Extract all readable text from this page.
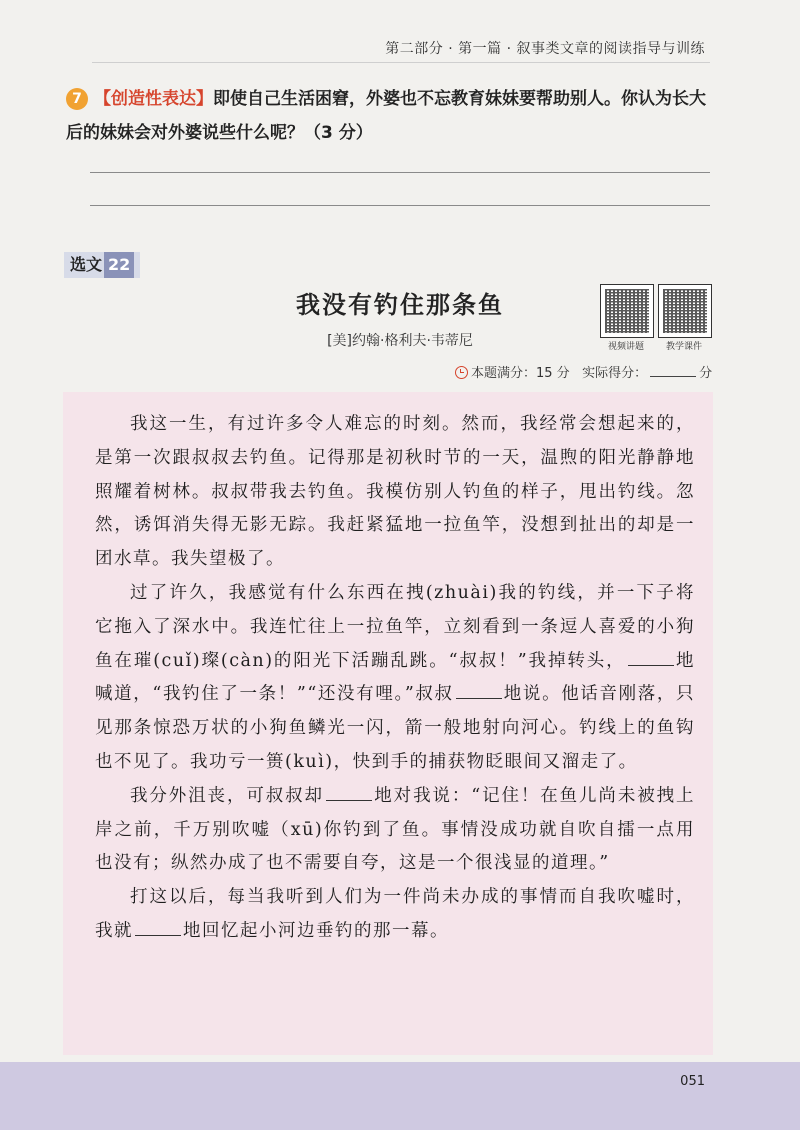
第二部分 · 第一篇 · 叙事类文章的阅读指导与训练
7 【创造性表达】即使自己生活困窘，外婆也不忘教育妹妹要帮助别人。你认为长大后的妹妹会对外婆说些什么呢？（3 分）
选文 22
我没有钓住那条鱼
[美]约翰·格利夫·韦蒂尼	视频讲题	教学课件
本题满分：15 分 实际得分：	分

我这一生，有过许多令人难忘的时刻。然而，我经常会想起来的，是第一次跟叔叔去钓鱼。记得那是初秋时节的一天，温煦的阳光静静地照耀着树林。叔叔带我去钓鱼。我模仿别人钓鱼的样子，甩出钓线。忽然，诱饵消失得无影无踪。我赶紧猛地一拉鱼竿，没想到扯出的却是一团水草。我失望极了。

过了许久，我感觉有什么东西在拽(zhuài)我的钓线，并一下子将它拖入了深水中。我连忙往上一拉鱼竿，立刻看到一条逗人喜爱的小狗鱼在璀(cuǐ)璨(càn)的阳光下活蹦乱跳。“叔叔！”我掉转头，	地喊道，“我钓住了一条！”“还没有哩。”叔叔	地说。他话音刚落，只见那条惊恐万状的小狗鱼鳞光一闪，箭一般地射向河心。钓线上的鱼钩也不见了。我功亏一篑(kuì)，快到手的捕获物眨眼间又溜走了。

我分外沮丧，可叔叔却	地对我说：“记住！在鱼儿尚未被拽上岸之前，千万别吹嘘（xū)你钓到了鱼。事情没成功就自吹自擂一点用也没有；纵然办成了也不需要自夸，这是一个很浅显的道理。”

打这以后，每当我听到人们为一件尚未办成的事情而自我吹嘘时，我就	地回忆起小河边垂钓的那一幕。

051
